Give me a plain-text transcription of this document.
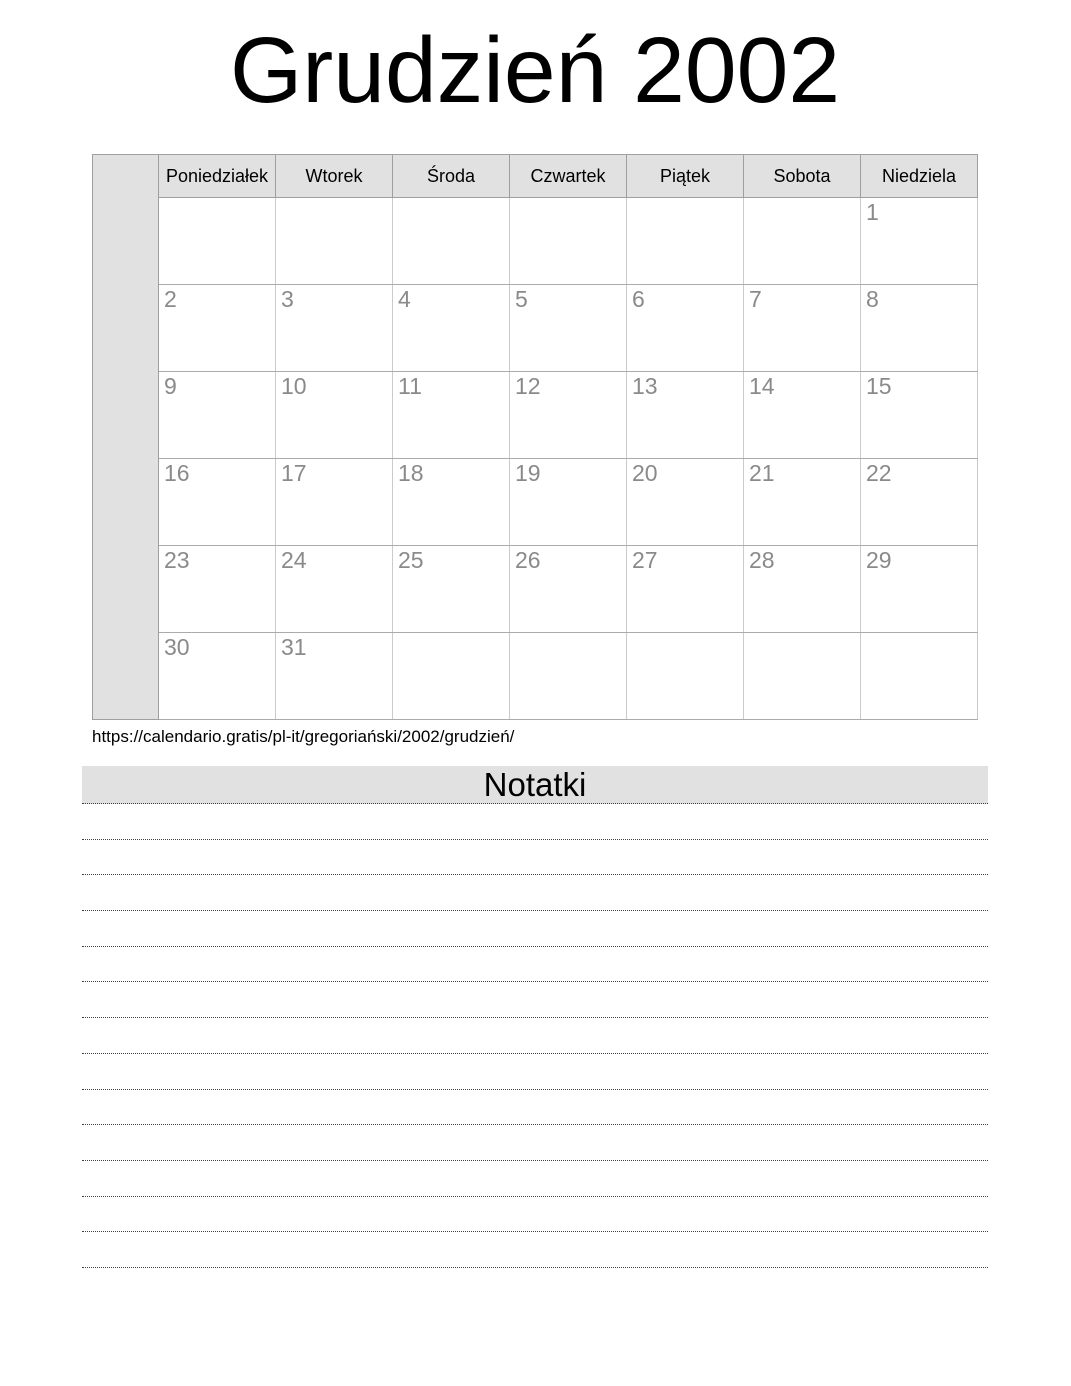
Grudzień 2002
	Poniedziałek	Wtorek	Środa	Czwartek	Piątek	Sobota	Niedziela
							1
	2	3	4	5	6	7	8
	9	10	11	12	13	14	15
	16	17	18	19	20	21	22
	23	24	25	26	27	28	29
	30	31					
https://calendario.gratis/pl-it/gregoriański/2002/grudzień/
Notatki
